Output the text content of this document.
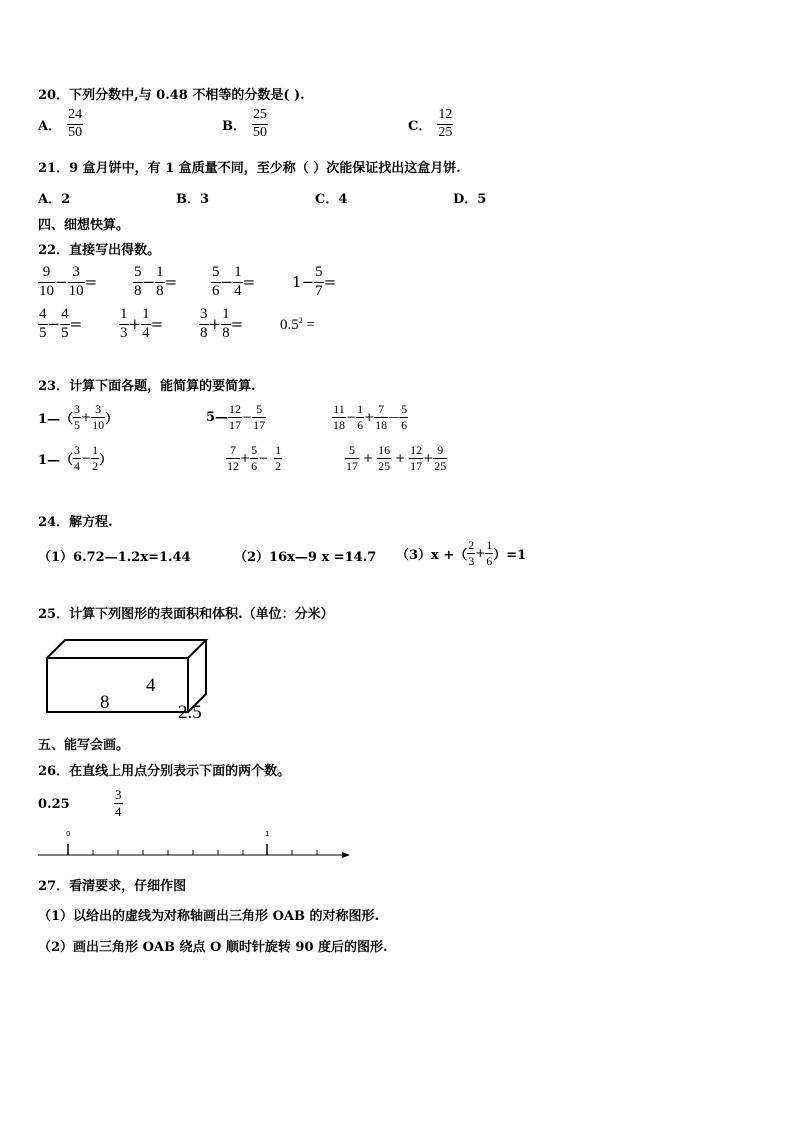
20．下列分数中,与 0.48 不相等的分数是( ).
A． $\frac{24}{50}$	B． $\frac{25}{50}$	C． $\frac{12}{25}$
21．9 盒月饼中，有 1 盒质量不同，至少称（ ）次能保证找出这盒月饼.
A．2	B．3	C．4	D．5
四、细想快算。
22．直接写出得数。
$\frac{9}{10} - \frac{3}{10} = \frac{5}{8} - \frac{1}{8} = \frac{5}{6} - \frac{1}{4} = 1- \frac{5}{7}$ =
$\frac{4}{5} - \frac{4}{5} = \frac{1}{3} + \frac{1}{4} = \frac{3}{8} + \frac{1}{8} = 0.5^2$ =
23．计算下面各题，能简算的要简算.
1—（ $\frac{3}{5} + \frac{3}{10}$ ）	5— $\frac{12}{17} - \frac{5}{17}$	$\frac{11}{18} - \frac{1}{6} + \frac{7}{18}$ — $\frac{5}{6}$
1—（ $\frac{3}{4} - \frac{1}{2}$ ）	$\frac{7}{12} + \frac{5}{6} - \frac{1}{2}$	$\frac{5}{17} + \frac{16}{25} + \frac{12}{17} + \frac{9}{25}$
24．解方程.
（1）6.72—1.2x=1.44	（2）16x—9 x =14.7 （3）x +（ $\frac{2}{3} + \frac{1}{6} )=1$
25．计算下列图形的表面积和体积.（单位：分米）
8
4
2.5
五、能写会画。
26．在直线上用点分别表示下面的两个数。
0.25	$\frac{3}{4}$
0	1
27．看清要求，仔细作图
（1）以给出的虚线为对称轴画出三角形 OAB 的对称图形.
（2）画出三角形 OAB 绕点 O 顺时针旋转 90 度后的图形.
